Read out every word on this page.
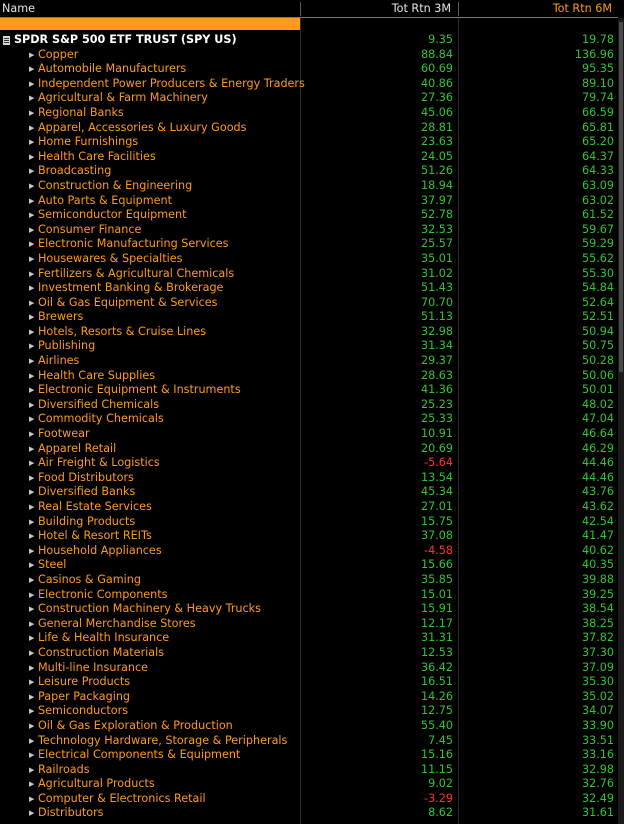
Name	Tot Rtn 3M	Tot Rtn 6M
SPDR S&P 500 ETF TRUST (SPY US)	9.35	19.78
▶ Copper	88.84	136.96
▶ Automobile Manufacturers	60.69	95.35
▶ Independent Power Producers & Energy Traders	40.86	89.10
▶ Agricultural & Farm Machinery	27.36	79.74
▶ Regional Banks	45.06	66.59
▶ Apparel, Accessories & Luxury Goods	28.81	65.81
▶ Home Furnishings	23.63	65.20
▶ Health Care Facilities	24.05	64.37
▶ Broadcasting	51.26	64.33
▶ Construction & Engineering	18.94	63.09
▶ Auto Parts & Equipment	37.97	63.02
▶ Semiconductor Equipment	52.78	61.52
▶ Consumer Finance	32.53	59.67
▶ Electronic Manufacturing Services	25.57	59.29
▶ Housewares & Specialties	35.01	55.62
▶ Fertilizers & Agricultural Chemicals	31.02	55.30
▶ Investment Banking & Brokerage	51.43	54.84
▶ Oil & Gas Equipment & Services	70.70	52.64
▶ Brewers	51.13	52.51
▶ Hotels, Resorts & Cruise Lines	32.98	50.94
▶ Publishing	31.34	50.75
▶ Airlines	29.37	50.28
▶ Health Care Supplies	28.63	50.06
▶ Electronic Equipment & Instruments	41.36	50.01
▶ Diversified Chemicals	25.23	48.02
▶ Commodity Chemicals	25.33	47.04
▶ Footwear	10.91	46.64
▶ Apparel Retail	20.69	46.29
▶ Air Freight & Logistics	-5.64	44.46
▶ Food Distributors	13.54	44.46
▶ Diversified Banks	45.34	43.76
▶ Real Estate Services	27.01	43.62
▶ Building Products	15.75	42.54
▶ Hotel & Resort REITs	37.08	41.47
▶ Household Appliances	-4.58	40.62
▶ Steel	15.66	40.35
▶ Casinos & Gaming	35.85	39.88
▶ Electronic Components	15.01	39.25
▶ Construction Machinery & Heavy Trucks	15.91	38.54
▶ General Merchandise Stores	12.17	38.25
▶ Life & Health Insurance	31.31	37.82
▶ Construction Materials	12.53	37.30
▶ Multi-line Insurance	36.42	37.09
▶ Leisure Products	16.51	35.30
▶ Paper Packaging	14.26	35.02
▶ Semiconductors	12.75	34.07
▶ Oil & Gas Exploration & Production	55.40	33.90
▶ Technology Hardware, Storage & Peripherals	7.45	33.51
▶ Electrical Components & Equipment	15.16	33.16
▶ Railroads	11.15	32.98
▶ Agricultural Products	9.02	32.76
▶ Computer & Electronics Retail	-3.29	32.49
▶ Distributors	8.62	31.61
